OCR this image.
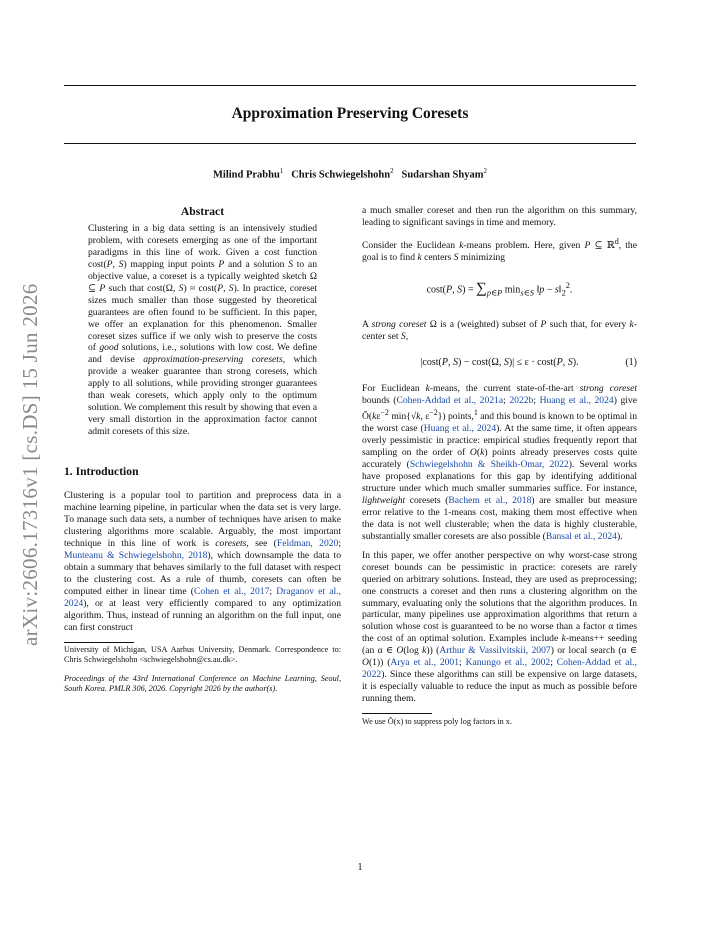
arXiv:2606.17316v1 [cs.DS] 15 Jun 2026
Approximation Preserving Coresets
Milind Prabhu$^1$ Chris Schwiegelshohn$^2$ Sudarshan Shyam$^2$
Abstract

Clustering in a big data setting is an intensively studied problem, with coresets emerging as one of the important paradigms in this line of work. Given a cost function cost(P, S) mapping input points P and a solution S to an objective value, a coreset is a typically weighted sketch Ω ⊆ P such that cost(Ω, S) ≈ cost(P, S). In practice, coreset sizes much smaller than those suggested by theoretical guarantees are often found to be sufficient. In this paper, we offer an explanation for this phenomenon. Smaller coreset sizes suffice if we only wish to preserve the costs of good solutions, i.e., solutions with low cost. We define and devise approximation-preserving coresets, which provide a weaker guarantee than strong coresets, which apply to all solutions, while providing stronger guarantees than weak coresets, which apply only to the optimum solution. We complement this result by showing that even a very small distortion in the approximation factor cannot admit coresets of this size.

1. Introduction

Clustering is a popular tool to partition and preprocess data in a machine learning pipeline, in particular when the data set is very large. To manage such data sets, a number of techniques have arisen to make clustering algorithms more scalable. Arguably, the most important technique in this line of work is coresets, see (Feldman, 2020; Munteanu & Schwiegelshohn, 2018), which downsample the data to obtain a summary that behaves similarly to the full dataset with respect to the clustering cost. As a rule of thumb, coresets can often be computed either in linear time (Cohen et al., 2017; Draganov et al., 2024), or at least very efficiently compared to any optimization algorithm. Thus, instead of running an algorithm on the full input, one can first construct

University of Michigan, USA Aarhus University, Denmark. Correspondence to: Chris Schwiegelshohn <schwiegelshohn@cs.au.dk>.

Proceedings of the 43rd International Conference on Machine Learning, Seoul, South Korea. PMLR 306, 2026. Copyright 2026 by the author(s).

a much smaller coreset and then run the algorithm on this summary, leading to significant savings in time and memory.

Consider the Euclidean k-means problem. Here, given P ⊆ ℝ$^d$, the goal is to find k centers S minimizing

cost(P, $S) = \sum_{p\in P}$ $\min_{s\in S}$ ‖p − $s‖_2^2$.

A strong coreset Ω is a (weighted) subset of P such that, for every k-center set S,

|cost(P, S) − cost(Ω, S)| ≤ ε · cost(P, S).	(1)

For Euclidean k-means, the current state-of-the-art strong coreset bounds (Cohen-Addad et al., 2021a; 2022b; Huang et al., 2024) give $Õ(k\varepsilon^{-2}$ min{√k, $\varepsilon^{-2}$}) points,$^1$ and this bound is known to be optimal in the worst case (Huang et al., 2024). At the same time, it often appears overly pessimistic in practice: empirical studies frequently report that sampling on the order of O(k) points already preserves costs quite accurately (Schwiegelshohn & Sheikh-Omar, 2022). Several works have proposed explanations for this gap by identifying additional structure under which much smaller summaries suffice. For instance, lightweight coresets (Bachem et al., 2018) are smaller but measure error relative to the 1-means cost, making them most effective when the data is not well clusterable; when the data is highly clusterable, substantially smaller coresets are also possible (Bansal et al., 2024).

In this paper, we offer another perspective on why worst-case strong coreset bounds can be pessimistic in practice: coresets are rarely queried on arbitrary solutions. Instead, they are used as preprocessing; one constructs a coreset and then runs a clustering algorithm on the summary, evaluating only the solutions that the algorithm produces. In particular, many pipelines use approximation algorithms that return a solution whose cost is guaranteed to be no worse than a factor α times the cost of an optimal solution. Examples include k-means++ seeding (an α ∈ O(log k)) (Arthur & Vassilvitskii, 2007) or local search (α ∈ O(1)) (Arya et al., 2001; Kanungo et al., 2002; Cohen-Addad et al., 2022). Since these algorithms can still be expensive on large datasets, it is especially valuable to reduce the input as much as possible before running them.

We use Õ(x) to suppress poly log factors in x.

1
